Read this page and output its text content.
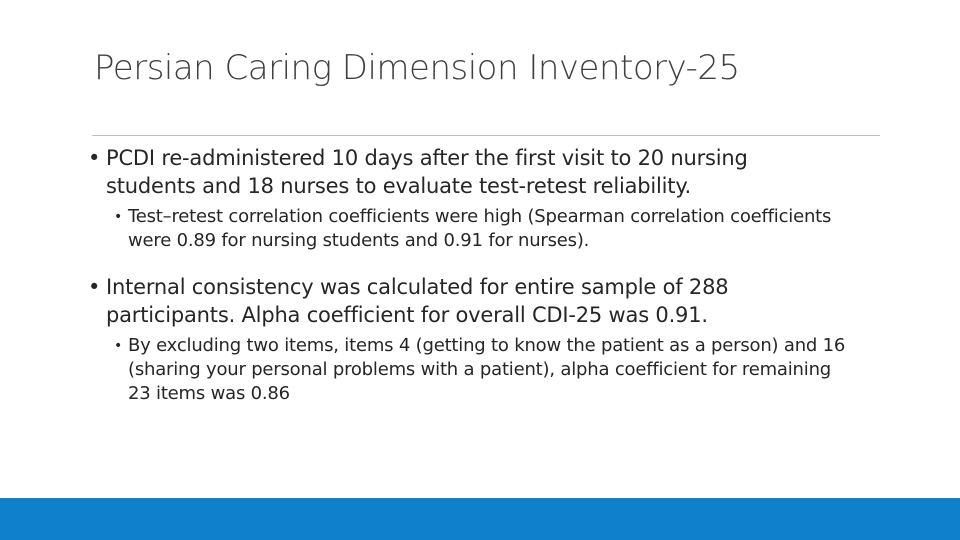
Persian Caring Dimension Inventory-25

• PCDI re‑administered 10 days after the first visit to 20 nursing students and 18 nurses to evaluate test-retest reliability.

• Test–retest correlation coefficients were high (Spearman correlation coefficients were 0.89 for nursing students and 0.91 for nurses).

• Internal consistency was calculated for entire sample of 288 participants. Alpha coefficient for overall CDI‑25 was 0.91.

• By excluding two items, items 4 (getting to know the patient as a person) and 16 (sharing your personal problems with a patient), alpha coefficient for remaining 23 items was 0.86
